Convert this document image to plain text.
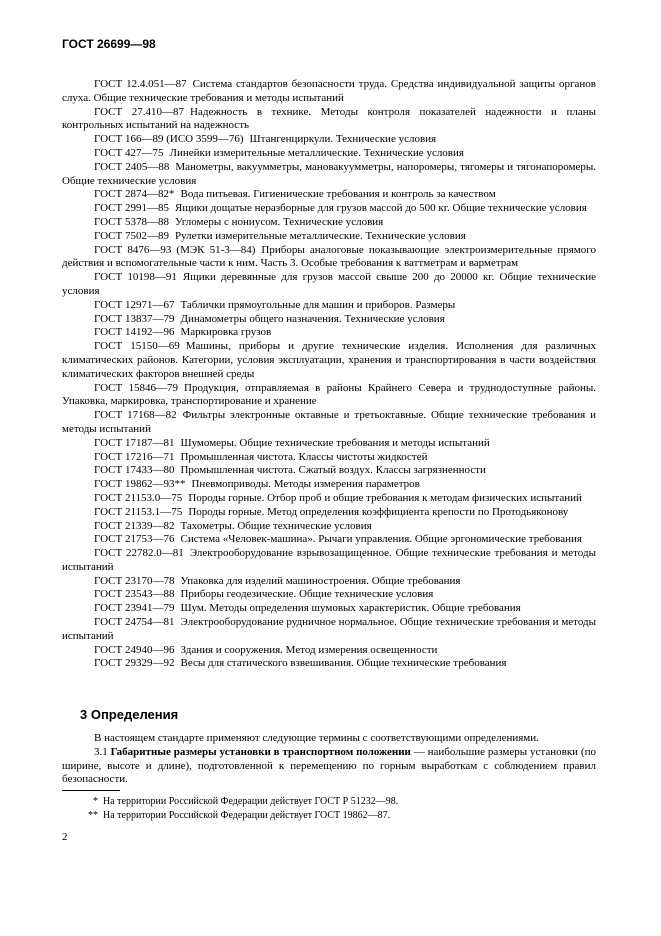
ГОСТ 26699—98
ГОСТ 12.4.051—87 Система стандартов безопасности труда. Средства индивидуальной защиты органов слуха. Общие технические требования и методы испытаний
ГОСТ 27.410—87 Надежность в технике. Методы контроля показателей надежности и планы контрольных испытаний на надежность
ГОСТ 166—89 (ИСО 3599—76) Штангенциркули. Технические условия
ГОСТ 427—75 Линейки измерительные металлические. Технические условия
ГОСТ 2405—88 Манометры, вакуумметры, мановакуумметры, напоромеры, тягомеры и тягонапоромеры. Общие технические условия
ГОСТ 2874—82* Вода питьевая. Гигиенические требования и контроль за качеством
ГОСТ 2991—85 Ящики дощатые неразборные для грузов массой до 500 кг. Общие технические условия
ГОСТ 5378—88 Угломеры с нониусом. Технические условия
ГОСТ 7502—89 Рулетки измерительные металлические. Технические условия
ГОСТ 8476—93 (МЭК 51-3—84) Приборы аналоговые показывающие электроизмерительные прямого действия и вспомогательные части к ним. Часть 3. Особые требования к ваттметрам и варметрам
ГОСТ 10198—91 Ящики деревянные для грузов массой свыше 200 до 20000 кг. Общие технические условия
ГОСТ 12971—67 Таблички прямоугольные для машин и приборов. Размеры
ГОСТ 13837—79 Динамометры общего назначения. Технические условия
ГОСТ 14192—96 Маркировка грузов
ГОСТ 15150—69 Машины, приборы и другие технические изделия. Исполнения для различных климатических районов. Категории, условия эксплуатации, хранения и транспортирования в части воздействия климатических факторов внешней среды
ГОСТ 15846—79 Продукция, отправляемая в районы Крайнего Севера и труднодоступные районы. Упаковка, маркировка, транспортирование и хранение
ГОСТ 17168—82 Фильтры электронные октавные и третьоктавные. Общие технические требования и методы испытаний
ГОСТ 17187—81 Шумомеры. Общие технические требования и методы испытаний
ГОСТ 17216—71 Промышленная чистота. Классы чистоты жидкостей
ГОСТ 17433—80 Промышленная чистота. Сжатый воздух. Классы загрязненности
ГОСТ 19862—93** Пневмоприводы. Методы измерения параметров
ГОСТ 21153.0—75 Породы горные. Отбор проб и общие требования к методам физических испытаний
ГОСТ 21153.1—75 Породы горные. Метод определения коэффициента крепости по Протодьяконову
ГОСТ 21339—82 Тахометры. Общие технические условия
ГОСТ 21753—76 Система «Человек-машина». Рычаги управления. Общие эргономические требования
ГОСТ 22782.0—81 Электрооборудование взрывозащищенное. Общие технические требования и методы испытаний
ГОСТ 23170—78 Упаковка для изделий машиностроения. Общие требования
ГОСТ 23543—88 Приборы геодезические. Общие технические условия
ГОСТ 23941—79 Шум. Методы определения шумовых характеристик. Общие требования
ГОСТ 24754—81 Электрооборудование рудничное нормальное. Общие технические требования и методы испытаний
ГОСТ 24940—96 Здания и сооружения. Метод измерения освещенности
ГОСТ 29329—92 Весы для статического взвешивания. Общие технические требования
3 Определения

В настоящем стандарте применяют следующие термины с соответствующими определениями.

3.1 Габаритные размеры установки в транспортном положении — наибольшие размеры установки (по ширине, высоте и длине), подготовленной к перемещению по горным выработкам с соблюдением правил безопасности.

* На территории Российской Федерации действует ГОСТ Р 51232—98.
** На территории Российской Федерации действует ГОСТ 19862—87.
2
